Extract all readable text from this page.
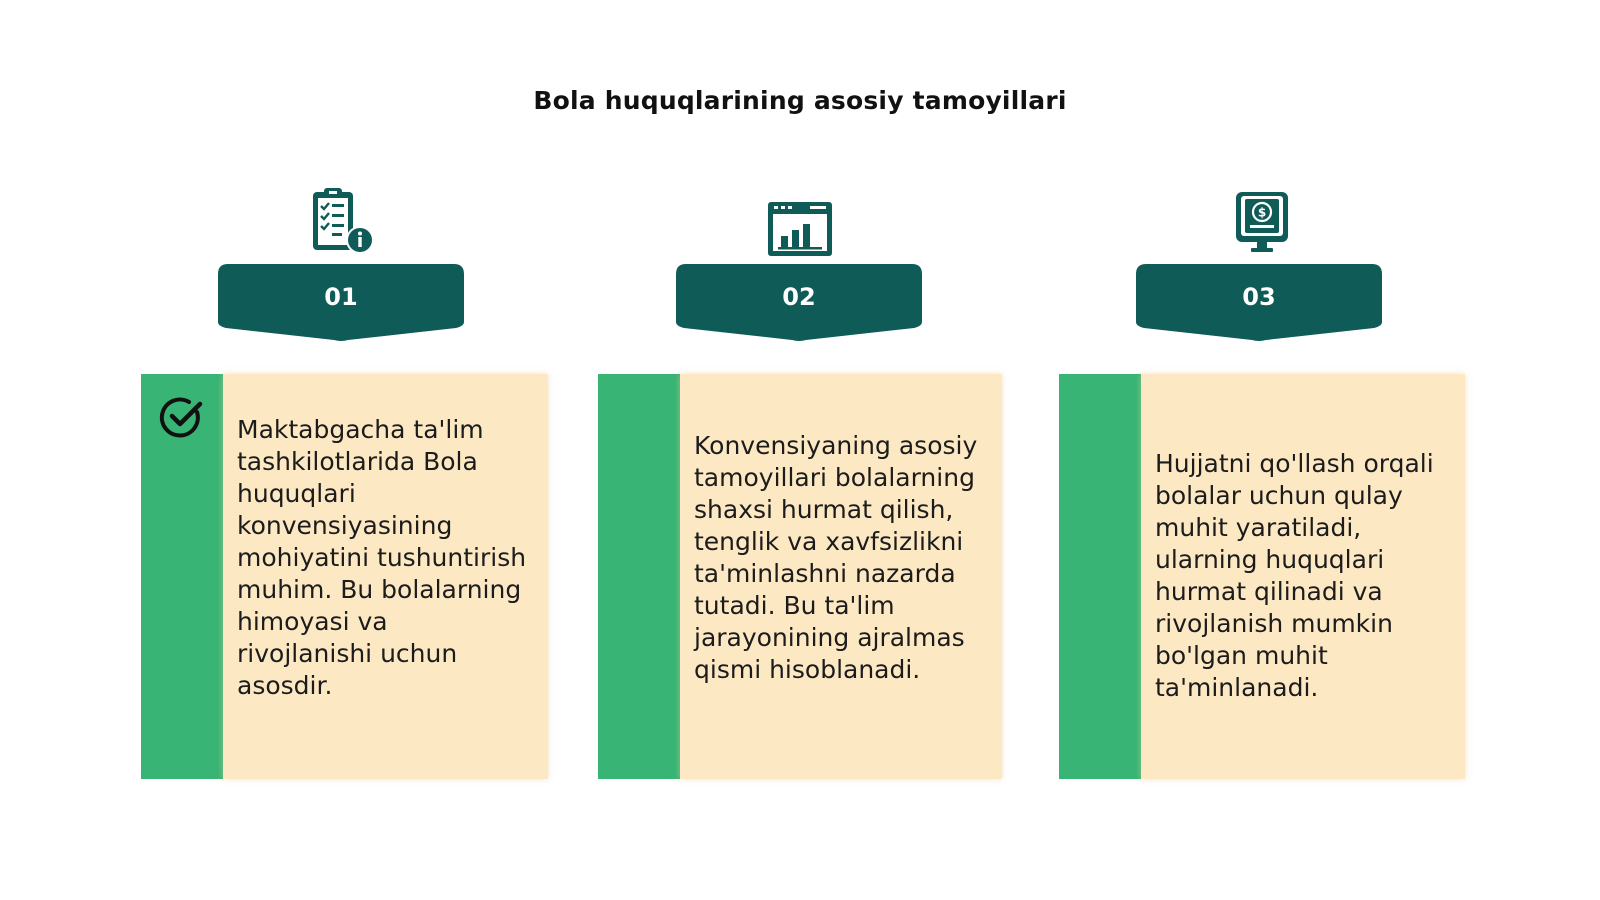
Bola huquqlarining asosiy tamoyillari
01

Maktabgacha ta'lim tashkilotlarida Bola huquqlari konvensiyasining mohiyatini tushuntirish muhim. Bu bolalarning himoyasi va rivojlanishi uchun asosdir.

02

Konvensiyaning asosiy tamoyillari bolalarning shaxsi hurmat qilish, tenglik va xavfsizlikni ta'minlashni nazarda tutadi. Bu ta'lim jarayonining ajralmas qismi hisoblanadi.

$
03

Hujjatni qo'llash orqali bolalar uchun qulay muhit yaratiladi, ularning huquqlari hurmat qilinadi va rivojlanish mumkin bo'lgan muhit ta'minlanadi.
